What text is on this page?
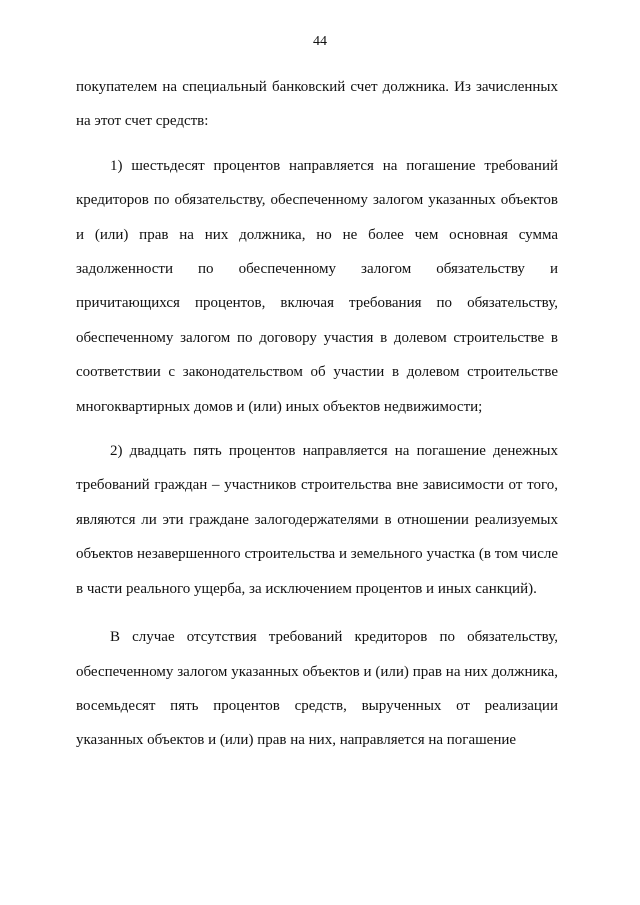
44

покупателем на специальный банковский счет должника. Из зачисленных на этот счет средств:

1) шестьдесят процентов направляется на погашение требований кредиторов по обязательству, обеспеченному залогом указанных объектов и (или) прав на них должника, но не более чем основная сумма задолженности по обеспеченному залогом обязательству и причитающихся процентов, включая требования по обязательству, обеспеченному залогом по договору участия в долевом строительстве в соответствии с законодательством об участии в долевом строительстве многоквартирных домов и (или) иных объектов недвижимости;

2) двадцать пять процентов направляется на погашение денежных требований граждан – участников строительства вне зависимости от того, являются ли эти граждане залогодержателями в отношении реализуемых объектов незавершенного строительства и земельного участка (в том числе в части реального ущерба, за исключением процентов и иных санкций).

В случае отсутствия требований кредиторов по обязательству, обеспеченному залогом указанных объектов и (или) прав на них должника, восемьдесят пять процентов средств, вырученных от реализации указанных объектов и (или) прав на них, направляется на погашение
